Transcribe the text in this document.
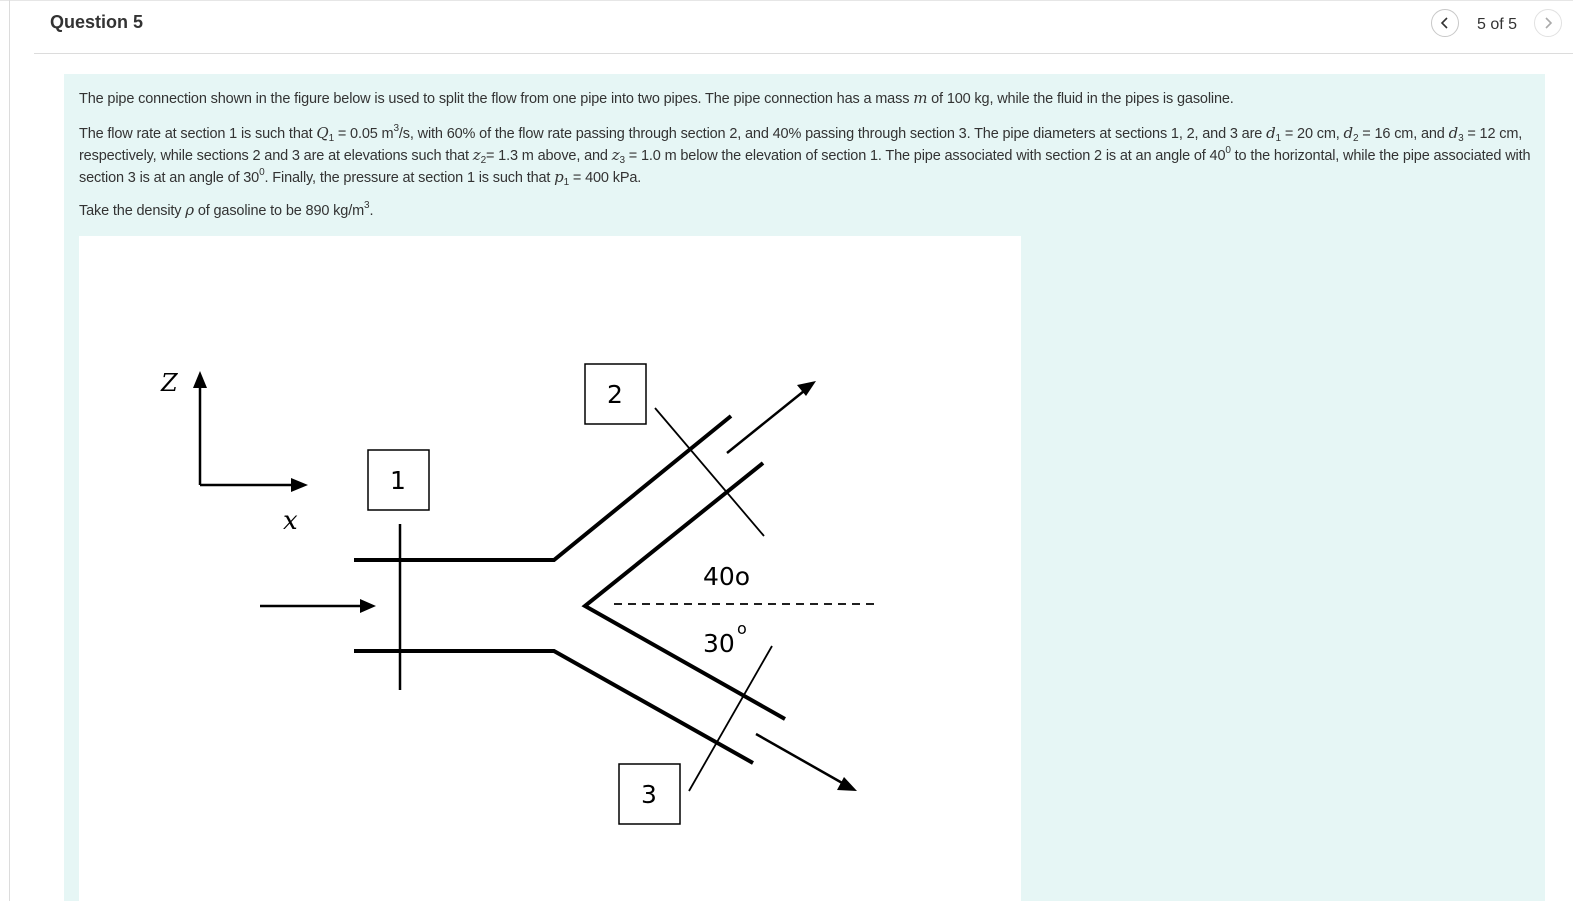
Question 5	5 of 5
The pipe connection shown in the figure below is used to split the flow from one pipe into two pipes. The pipe connection has a mass m of 100 kg, while the fluid in the pipes is gasoline.
The flow rate at section 1 is such that $Q_1 = 0.05$ $m^3/s$, with 60% of the flow rate passing through section 2, and 40% passing through section 3. The pipe diameters at sections 1, 2, and 3 are $d_1 = 20$ cm, $d_2 = 16$ cm, and $d_3 = 12$ cm, respectively, while sections 2 and 3 are at elevations such that $z_2= 1.3$ m above, and $z_3 = 1.0$ m below the elevation of section 1. The pipe associated with section 2 is at an angle of $40^0$ to the horizontal, while the pipe associated with section 3 is at an angle of $30^0$. Finally, the pressure at section 1 is such that $p_1 = 400$ kPa.
Take the density ρ of gasoline to be 890 $kg/m^3$.
Z
x
40o
30
o
1
2
3
